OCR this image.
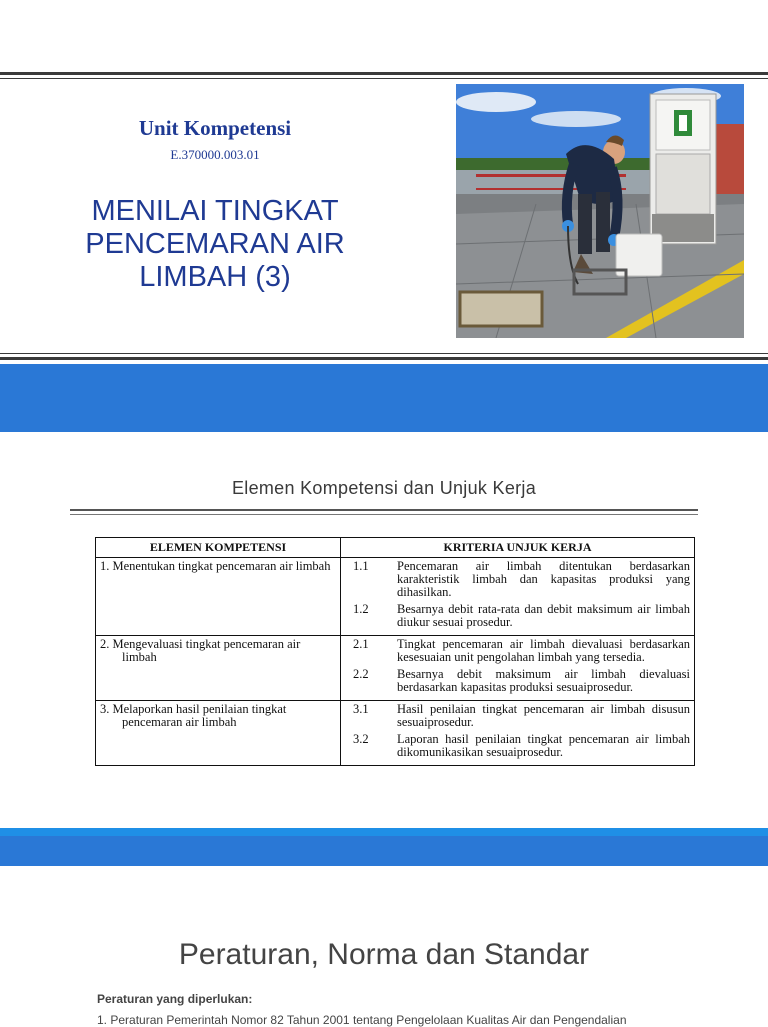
Unit Kompetensi
E.370000.003.01
MENILAI TINGKAT
PENCEMARAN AIR
LIMBAH (3)
Elemen Kompetensi dan Unjuk Kerja
ELEMEN KOMPETENSI	KRITERIA UNJUK KERJA

1. Menentukan tingkat pencemaran air limbah	1.1 Pencemaran air limbah ditentukan berdasarkan karakteristik limbah dan kapasitas produksi yang dihasilkan.
1.2 Besarnya debit rata-rata dan debit maksimum air limbah diukur sesuai prosedur.

2. Mengevaluasi tingkat pencemaran air limbah	2.1 Tingkat pencemaran air limbah dievaluasi berdasarkan kesesuaian unit pengolahan limbah yang tersedia.
2.2 Besarnya debit maksimum air limbah dievaluasi berdasarkan kapasitas produksi sesuaiprosedur.

3. Melaporkan hasil penilaian tingkat pencemaran air limbah	3.1 Hasil penilaian tingkat pencemaran air limbah disusun sesuaiprosedur.
3.2 Laporan hasil penilaian tingkat pencemaran air limbah dikomunikasikan sesuaiprosedur.
Peraturan, Norma dan Standar
Peraturan yang diperlukan:
1. Peraturan Pemerintah Nomor 82 Tahun 2001 tentang Pengelolaan Kualitas Air dan Pengendalian
